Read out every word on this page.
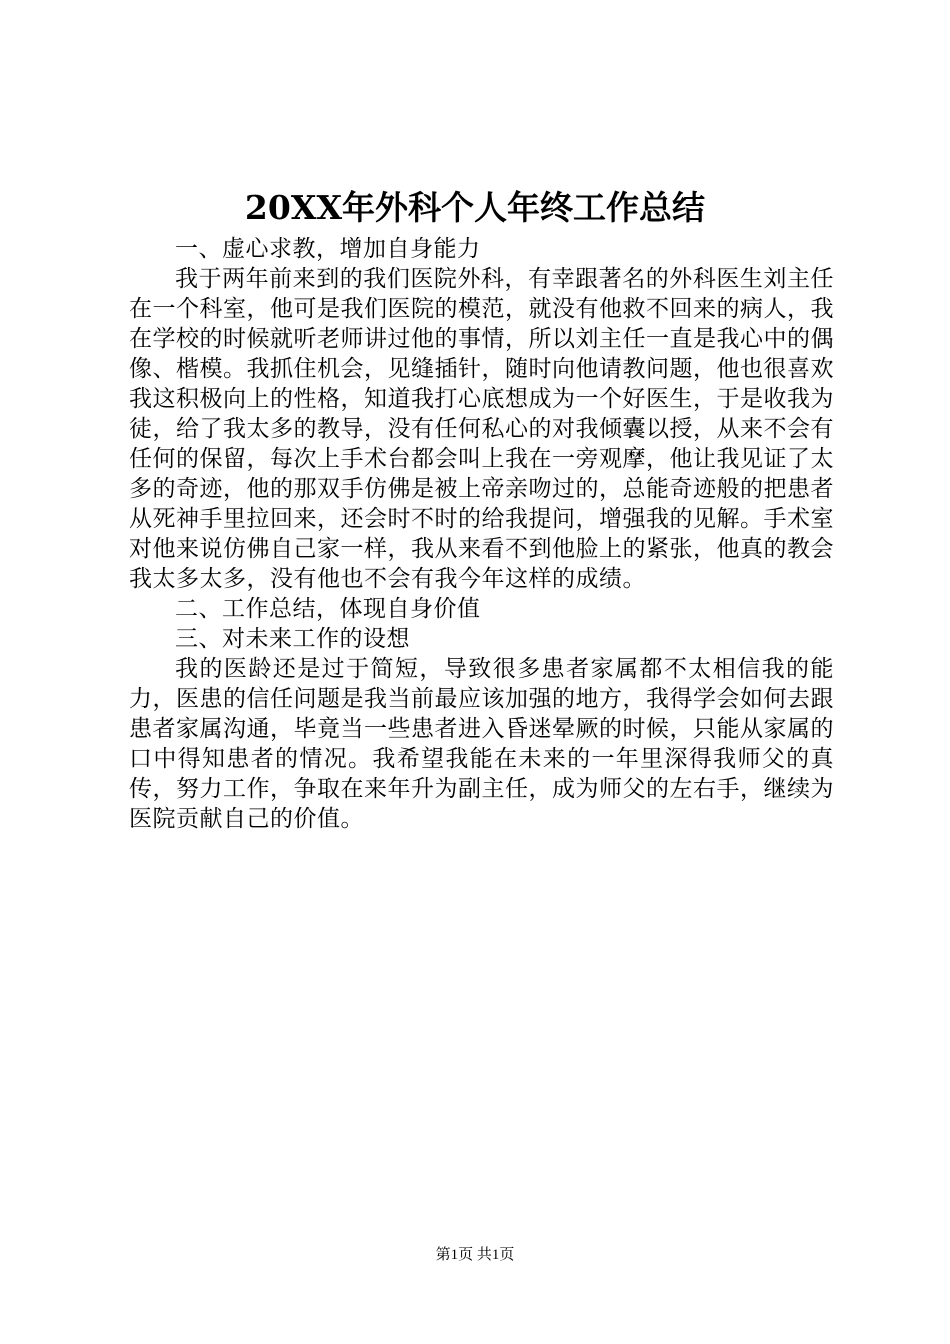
20XX年外科个人年终工作总结

一、虚心求教，增加自身能力

我于两年前来到的我们医院外科，有幸跟著名的外科医生刘主任在一个科室，他可是我们医院的模范，就没有他救不回来的病人，我在学校的时候就听老师讲过他的事情，所以刘主任一直是我心中的偶像、楷模。我抓住机会，见缝插针，随时向他请教问题，他也很喜欢我这积极向上的性格，知道我打心底想成为一个好医生，于是收我为徒，给了我太多的教导，没有任何私心的对我倾囊以授，从来不会有任何的保留，每次上手术台都会叫上我在一旁观摩，他让我见证了太多的奇迹，他的那双手仿佛是被上帝亲吻过的，总能奇迹般的把患者从死神手里拉回来，还会时不时的给我提问，增强我的见解。手术室对他来说仿佛自己家一样，我从来看不到他脸上的紧张，他真的教会我太多太多，没有他也不会有我今年这样的成绩。

二、工作总结，体现自身价值

三、对未来工作的设想

我的医龄还是过于简短，导致很多患者家属都不太相信我的能力，医患的信任问题是我当前最应该加强的地方，我得学会如何去跟患者家属沟通，毕竟当一些患者进入昏迷晕厥的时候，只能从家属的口中得知患者的情况。我希望我能在未来的一年里深得我师父的真传，努力工作，争取在来年升为副主任，成为师父的左右手，继续为医院贡献自己的价值。

第1页 共1页
